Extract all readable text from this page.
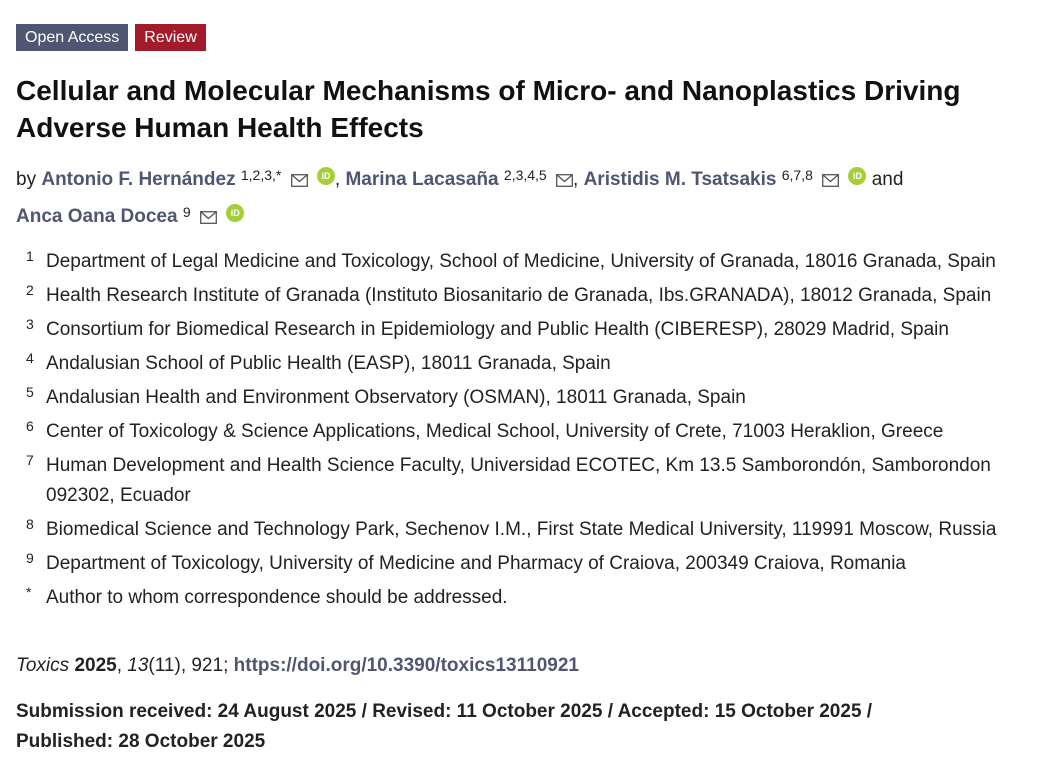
Open Access	Review
Cellular and Molecular Mechanisms of Micro- and Nanoplastics Driving Adverse Human Health Effects
by Antonio F. Hernández $^{1,2,3,*}$	iD , Marina Lacasaña $^{2,3,4,5}$ , Aristidis M. Tsatsakis $^{6,7,8}$	iD and
Anca Oana Docea $^9$	iD
1 Department of Legal Medicine and Toxicology, School of Medicine, University of Granada, 18016 Granada, Spain
2 Health Research Institute of Granada (Instituto Biosanitario de Granada, Ibs.GRANADA), 18012 Granada, Spain
3 Consortium for Biomedical Research in Epidemiology and Public Health (CIBERESP), 28029 Madrid, Spain
4 Andalusian School of Public Health (EASP), 18011 Granada, Spain
5 Andalusian Health and Environment Observatory (OSMAN), 18011 Granada, Spain
6 Center of Toxicology & Science Applications, Medical School, University of Crete, 71003 Heraklion, Greece
7 Human Development and Health Science Faculty, Universidad ECOTEC, Km 13.5 Samborondón, Samborondon 092302, Ecuador
8 Biomedical Science and Technology Park, Sechenov I.M., First State Medical University, 119991 Moscow, Russia
9 Department of Toxicology, University of Medicine and Pharmacy of Craiova, 200349 Craiova, Romania
* Author to whom correspondence should be addressed.
Toxics 2025, 13(11), 921; https://doi.org/10.3390/toxics13110921
Submission received: 24 August 2025 / Revised: 11 October 2025 / Accepted: 15 October 2025 / Published: 28 October 2025
